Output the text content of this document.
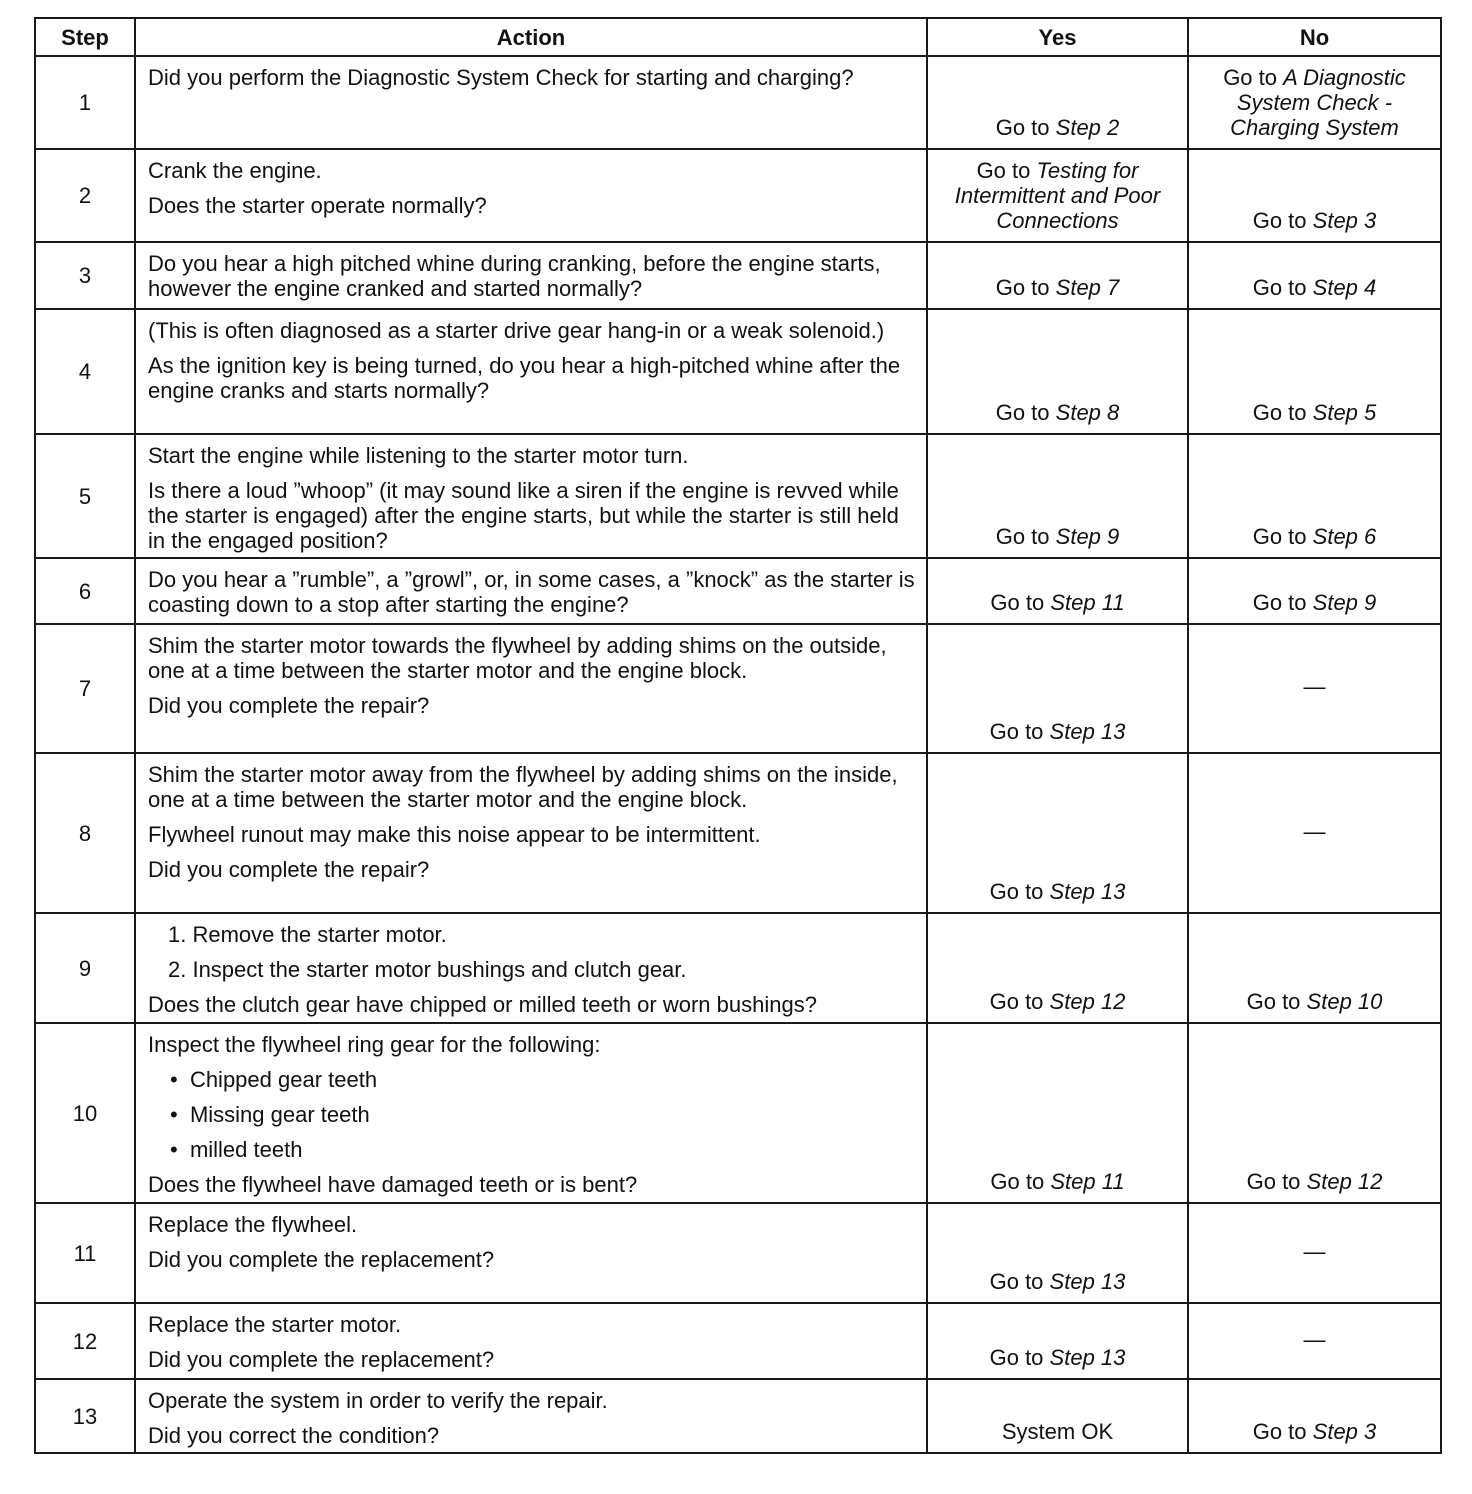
Step	Action	Yes	No
1	Did you perform the Diagnostic System Check for starting and charging?	Go to Step 2	Go to A Diagnostic System Check - Charging System
2	Crank the engine.
Does the starter operate normally?	Go to Testing for Intermittent and Poor Connections	Go to Step 3
3	Do you hear a high pitched whine during cranking, before the engine starts, however the engine cranked and started normally?	Go to Step 7	Go to Step 4
4	(This is often diagnosed as a starter drive gear hang-in or a weak solenoid.)
As the ignition key is being turned, do you hear a high-pitched whine after the engine cranks and starts normally?	Go to Step 8	Go to Step 5
5	Start the engine while listening to the starter motor turn.
Is there a loud ”whoop” (it may sound like a siren if the engine is revved while the starter is engaged) after the engine starts, but while the starter is still held in the engaged position?	Go to Step 9	Go to Step 6
6	Do you hear a ”rumble”, a ”growl”, or, in some cases, a ”knock” as the starter is coasting down to a stop after starting the engine?	Go to Step 11	Go to Step 9
7	Shim the starter motor towards the flywheel by adding shims on the outside, one at a time between the starter motor and the engine block.
Did you complete the repair?	Go to Step 13	—
8	Shim the starter motor away from the flywheel by adding shims on the inside, one at a time between the starter motor and the engine block.
Flywheel runout may make this noise appear to be intermittent.
Did you complete the repair?	Go to Step 13	—
9	1. Remove the starter motor.
2. Inspect the starter motor bushings and clutch gear.
Does the clutch gear have chipped or milled teeth or worn bushings?	Go to Step 12	Go to Step 10
10	Inspect the flywheel ring gear for the following:
•  Chipped gear teeth
•  Missing gear teeth
•  milled teeth
Does the flywheel have damaged teeth or is bent?	Go to Step 11	Go to Step 12
11	Replace the flywheel.
Did you complete the replacement?	Go to Step 13	—
12	Replace the starter motor.
Did you complete the replacement?	Go to Step 13	—
13	Operate the system in order to verify the repair.
Did you correct the condition?	System OK	Go to Step 3
